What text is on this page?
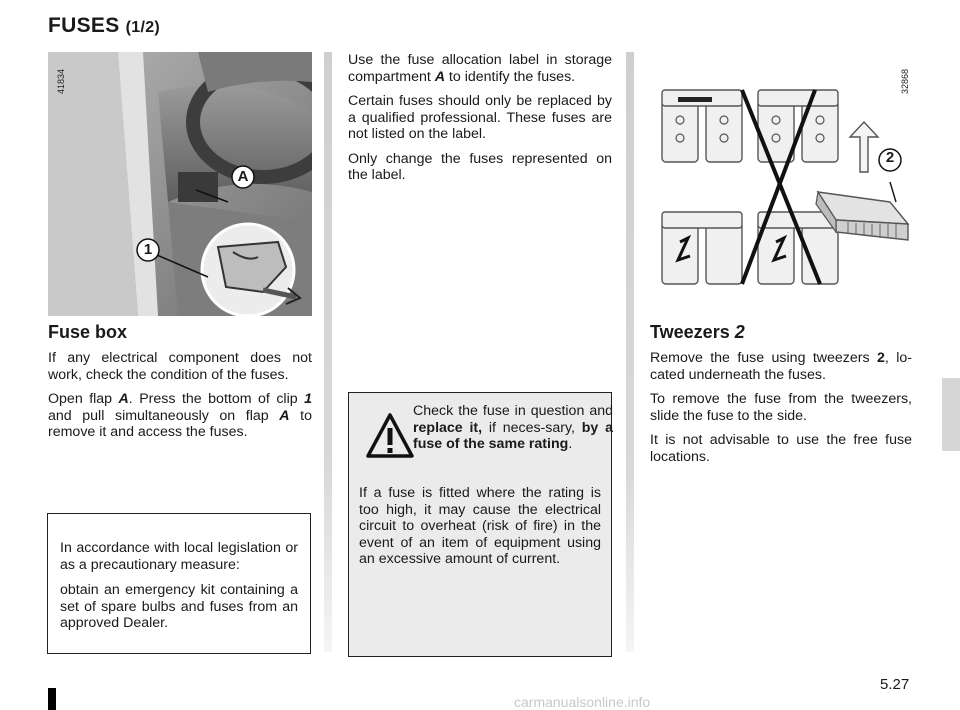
FUSES (1/2)
A
1
41834
2
32868
Fuse box

If any electrical component does not work, check the condition of the fuses.

Open flap A. Press the bottom of clip 1 and pull simultaneously on flap A to remove it and access the fuses.

In accordance with local legislation or as a precautionary measure:

obtain an emergency kit containing a set of spare bulbs and fuses from an approved Dealer.

Use the fuse allocation label in storage compartment A to identify the fuses.

Certain fuses should only be replaced by a qualified professional. These fuses are not listed on the label.

Only change the fuses represented on the label.

Check the fuse in question and replace it, if neces-sary, by a fuse of the same rating.

If a fuse is fitted where the rating is too high, it may cause the electrical circuit to overheat (risk of fire) in the event of an item of equipment using an excessive amount of current.

Tweezers 2

Remove the fuse using tweezers 2, lo-cated underneath the fuses.

To remove the fuse from the tweezers, slide the fuse to the side.

It is not advisable to use the free fuse locations.

5.27
carmanualsonline.info
